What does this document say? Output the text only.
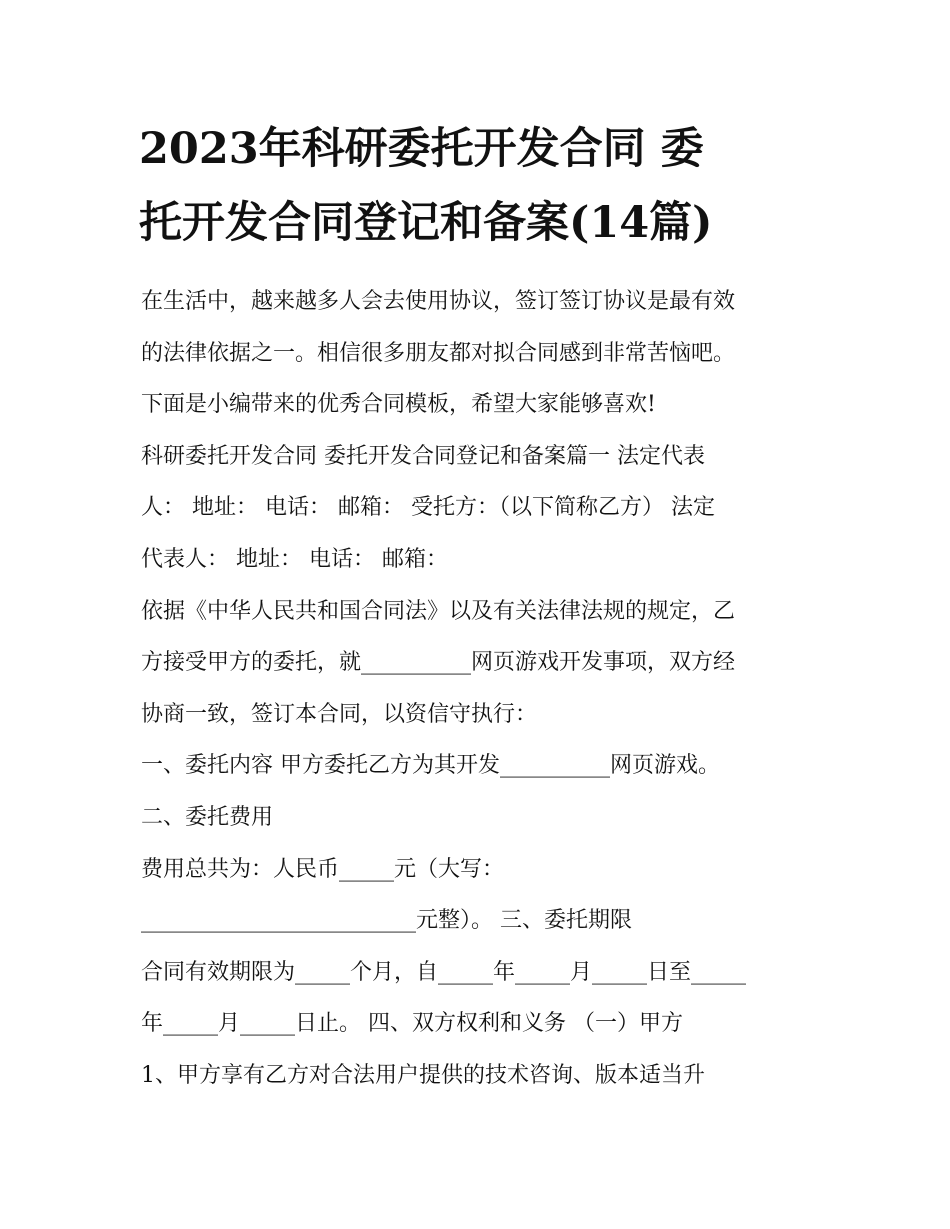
2023年科研委托开发合同 委
托开发合同登记和备案(14篇)
在生活中，越来越多人会去使用协议，签订签订协议是最有效
的法律依据之一。相信很多朋友都对拟合同感到非常苦恼吧。
下面是小编带来的优秀合同模板，希望大家能够喜欢!
科研委托开发合同 委托开发合同登记和备案篇一 法定代表
人： 地址： 电话： 邮箱： 受托方：（以下简称乙方） 法定
代表人： 地址： 电话： 邮箱：
依据《中华人民共和国合同法》以及有关法律法规的规定，乙
方接受甲方的委托，就__________网页游戏开发事项，双方经
协商一致，签订本合同，以资信守执行：
一、委托内容 甲方委托乙方为其开发__________网页游戏。
二、委托费用
费用总共为：人民币_____元（大写：
_________________________元整）。 三、委托期限
合同有效期限为_____个月，自_____年_____月_____日至_____
年_____月_____日止。 四、双方权利和义务 （一）甲方
1、甲方享有乙方对合法用户提供的技术咨询、版本适当升
